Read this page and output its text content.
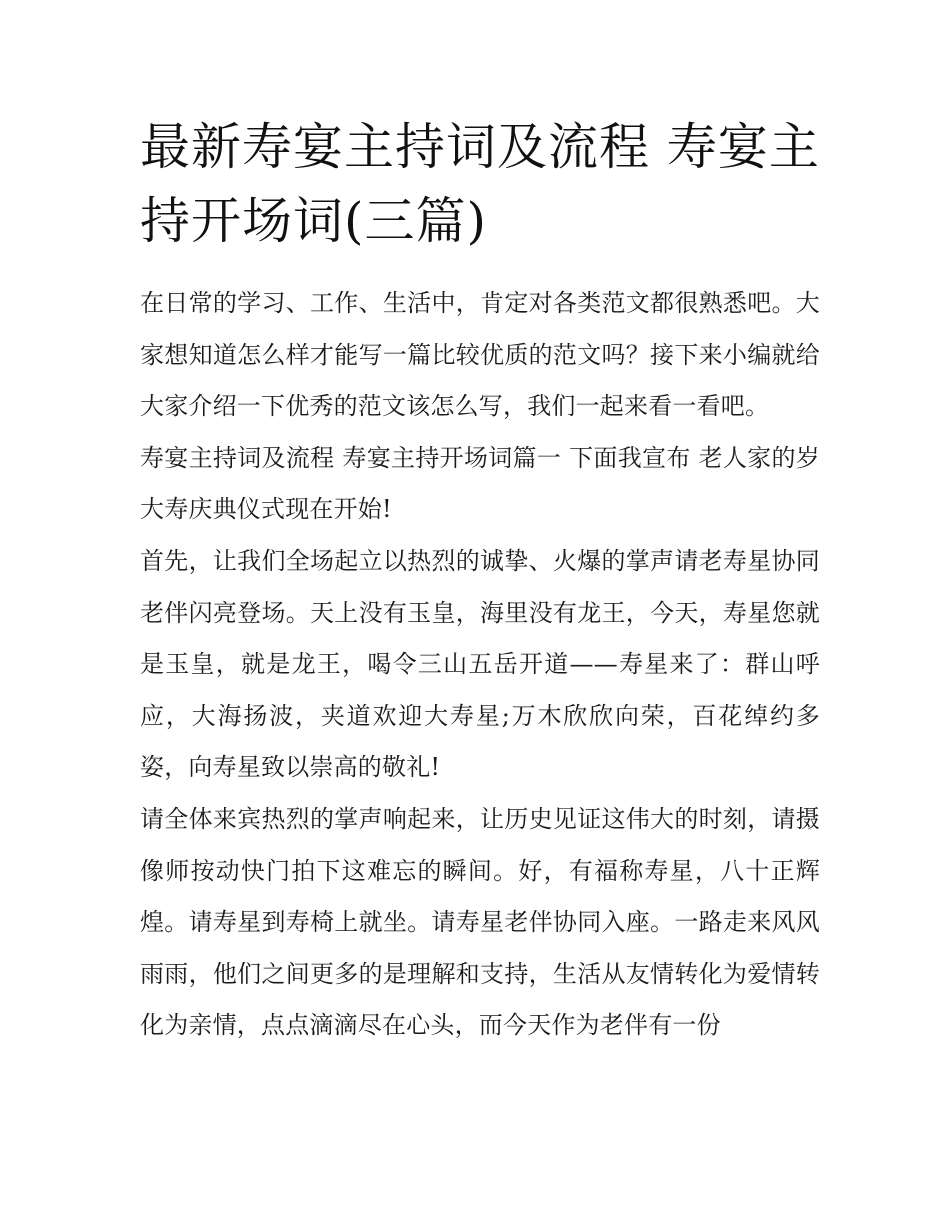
最新寿宴主持词及流程 寿宴主持开场词(三篇)

在日常的学习、工作、生活中，肯定对各类范文都很熟悉吧。大家想知道怎么样才能写一篇比较优质的范文吗？接下来小编就给大家介绍一下优秀的范文该怎么写，我们一起来看一看吧。

寿宴主持词及流程 寿宴主持开场词篇一 下面我宣布 老人家的岁大寿庆典仪式现在开始!

首先，让我们全场起立以热烈的诚挚、火爆的掌声请老寿星协同老伴闪亮登场。天上没有玉皇，海里没有龙王，今天，寿星您就是玉皇，就是龙王，喝令三山五岳开道——寿星来了：群山呼应，大海扬波，夹道欢迎大寿星;万木欣欣向荣，百花绰约多姿，向寿星致以崇高的敬礼!

请全体来宾热烈的掌声响起来，让历史见证这伟大的时刻，请摄像师按动快门拍下这难忘的瞬间。好，有福称寿星，八十正辉煌。请寿星到寿椅上就坐。请寿星老伴协同入座。一路走来风风雨雨，他们之间更多的是理解和支持，生活从友情转化为爱情转化为亲情，点点滴滴尽在心头，而今天作为老伴有一份
